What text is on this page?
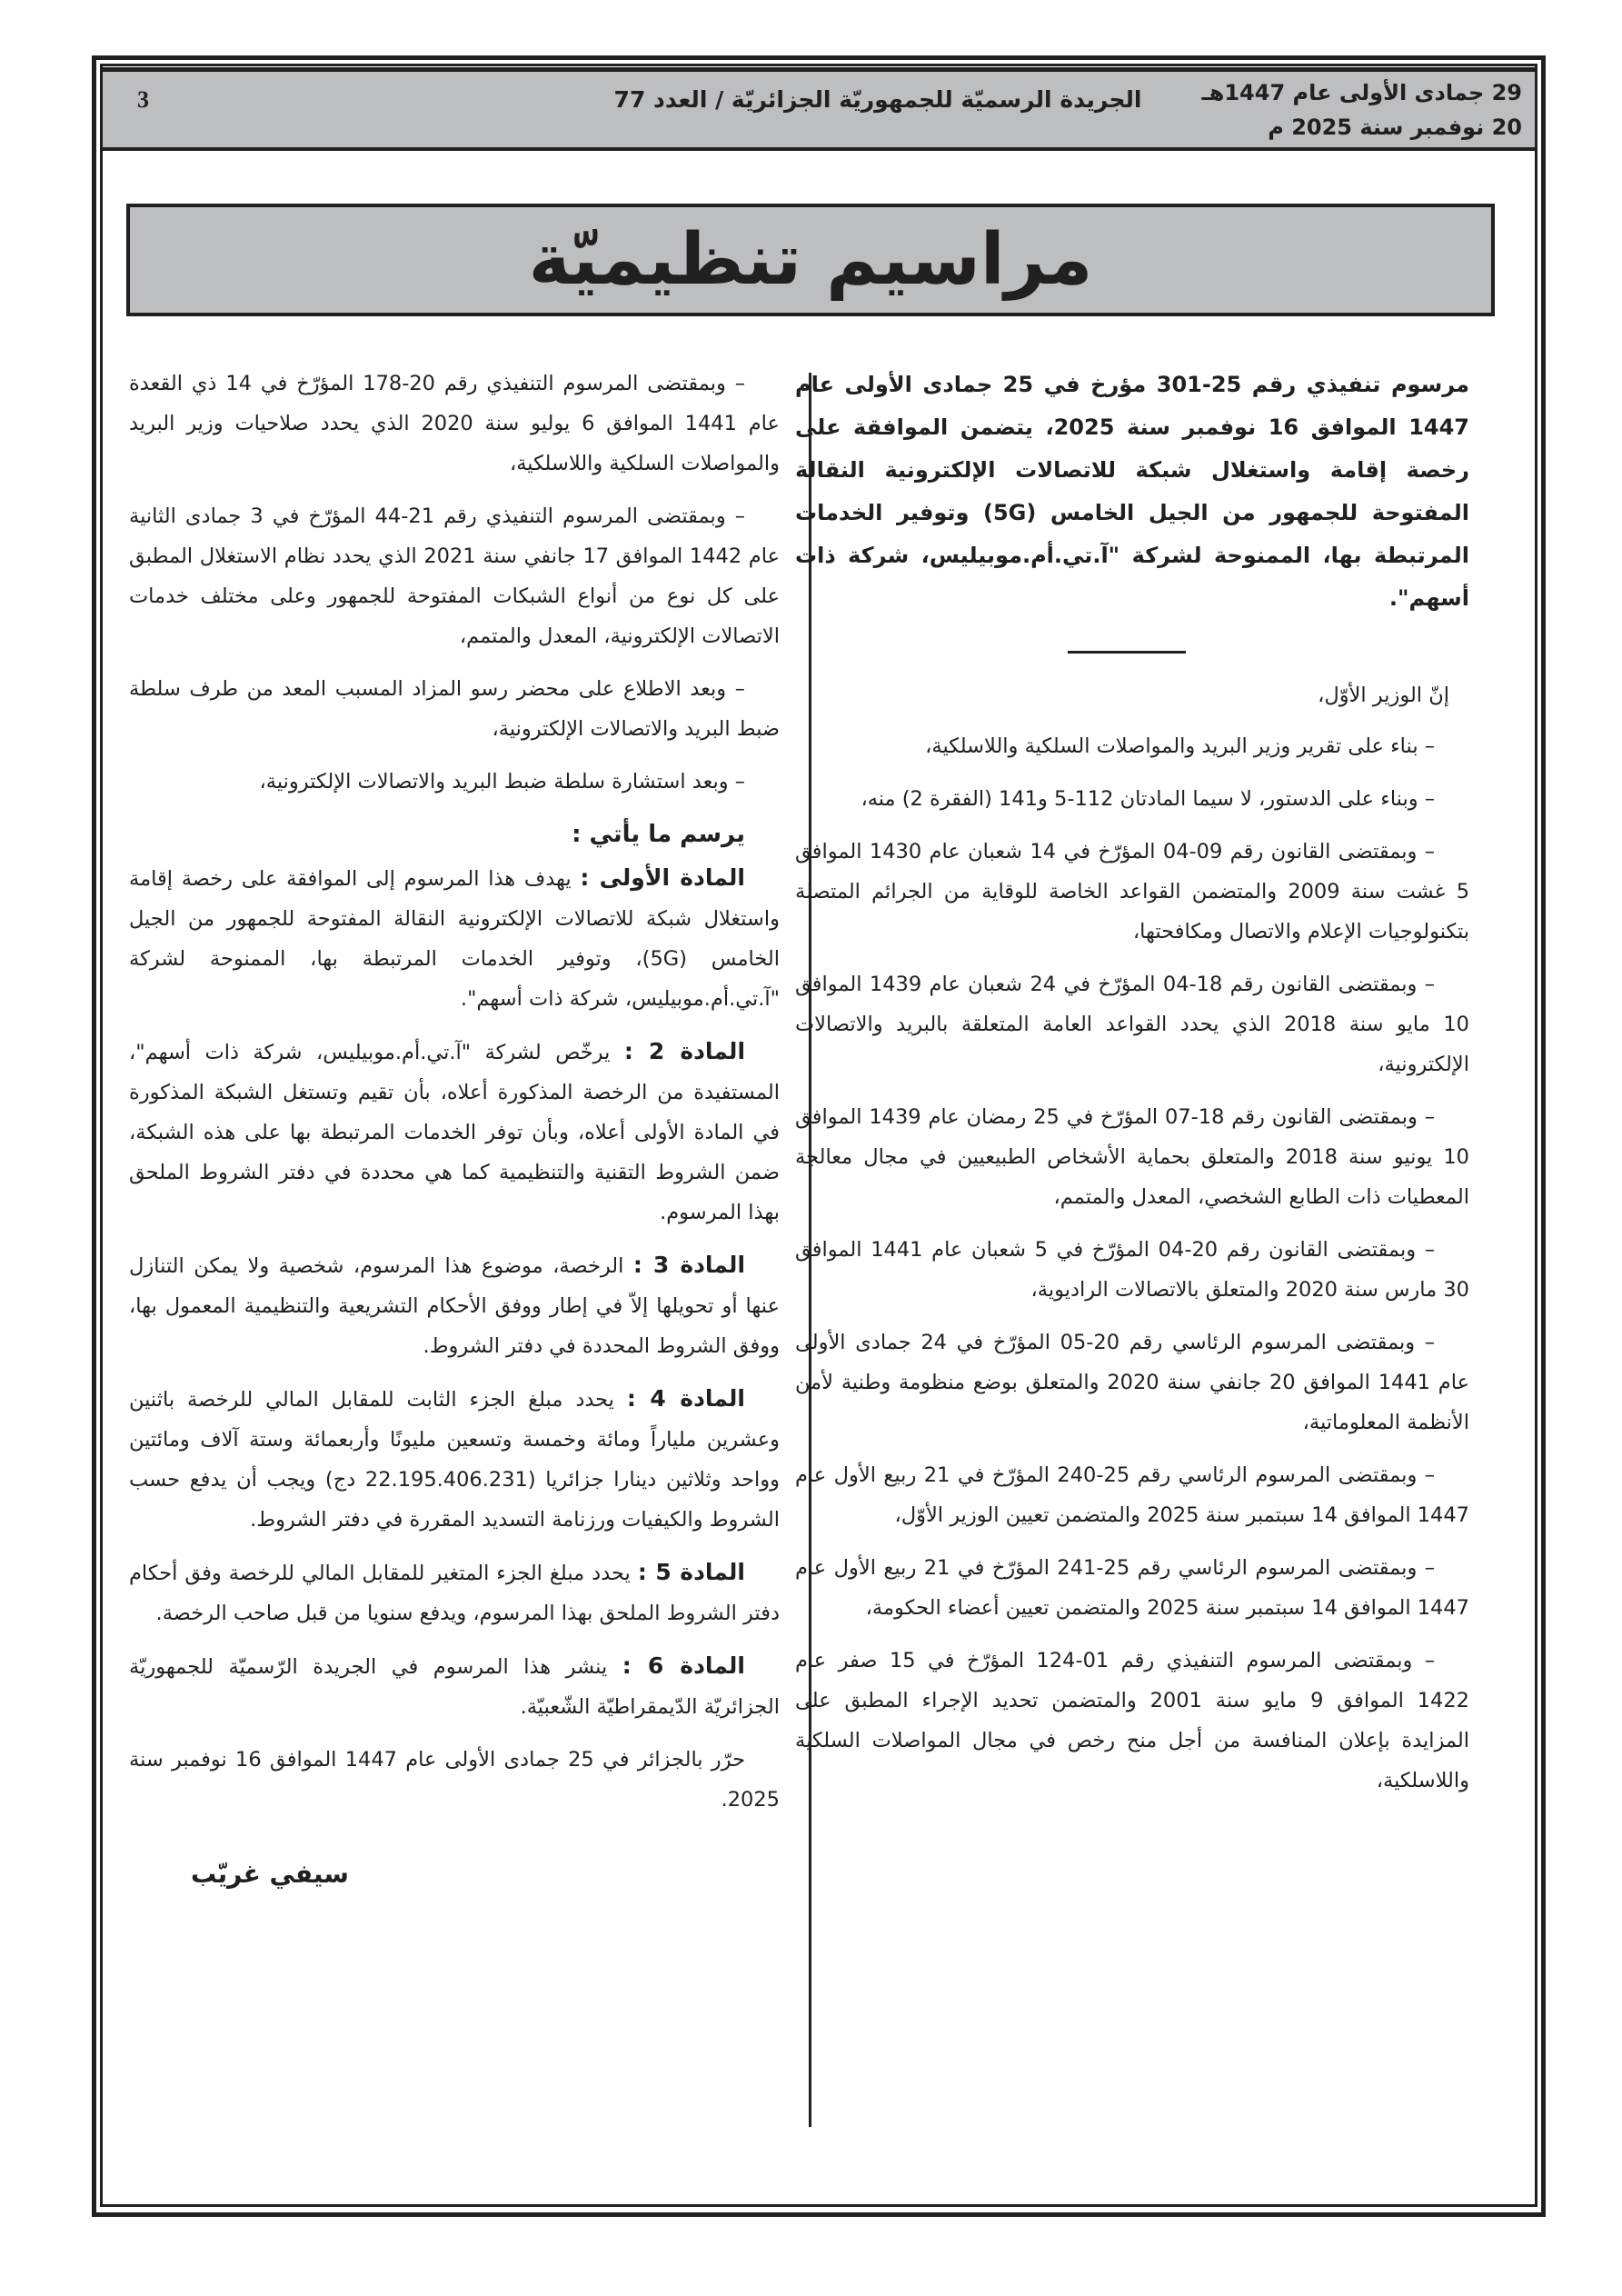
29 جمادى الأولى عام 1447هـ
20 نوفمبر سنة 2025 م
الجريدة الرسميّة للجمهوريّة الجزائريّة / العدد 77
3
مراسيم تنظيميّة

مرسوم تنفيذي رقم 25-301 مؤرخ في 25 جمادى الأولى عام 1447 الموافق 16 نوفمبر سنة 2025، يتضمن الموافقة على رخصة إقامة واستغلال شبكة للاتصالات الإلكترونية النقالة المفتوحة للجمهور من الجيل الخامس (5G) وتوفير الخدمات المرتبطة بها، الممنوحة لشركة "آ.تي.أم.موبيليس، شركة ذات أسهم".

إنّ الوزير الأوّل،

– بناء على تقرير وزير البريد والمواصلات السلكية واللاسلكية،

– وبناء على الدستور، لا سيما المادتان 112-5 و141 (الفقرة 2) منه،

– وبمقتضى القانون رقم 09-04 المؤرّخ في 14 شعبان عام 1430 الموافق 5 غشت سنة 2009 والمتضمن القواعد الخاصة للوقاية من الجرائم المتصلة بتكنولوجيات الإعلام والاتصال ومكافحتها،

– وبمقتضى القانون رقم 18-04 المؤرّخ في 24 شعبان عام 1439 الموافق 10 مايو سنة 2018 الذي يحدد القواعد العامة المتعلقة بالبريد والاتصالات الإلكترونية،

– وبمقتضى القانون رقم 18-07 المؤرّخ في 25 رمضان عام 1439 الموافق 10 يونيو سنة 2018 والمتعلق بحماية الأشخاص الطبيعيين في مجال معالجة المعطيات ذات الطابع الشخصي، المعدل والمتمم،

– وبمقتضى القانون رقم 20-04 المؤرّخ في 5 شعبان عام 1441 الموافق 30 مارس سنة 2020 والمتعلق بالاتصالات الراديوية،

– وبمقتضى المرسوم الرئاسي رقم 20-05 المؤرّخ في 24 جمادى الأولى عام 1441 الموافق 20 جانفي سنة 2020 والمتعلق بوضع منظومة وطنية لأمن الأنظمة المعلوماتية،

– وبمقتضى المرسوم الرئاسي رقم 25-240 المؤرّخ في 21 ربيع الأول عام 1447 الموافق 14 سبتمبر سنة 2025 والمتضمن تعيين الوزير الأوّل،

– وبمقتضى المرسوم الرئاسي رقم 25-241 المؤرّخ في 21 ربيع الأول عام 1447 الموافق 14 سبتمبر سنة 2025 والمتضمن تعيين أعضاء الحكومة،

– وبمقتضى المرسوم التنفيذي رقم 01-124 المؤرّخ في 15 صفر عام 1422 الموافق 9 مايو سنة 2001 والمتضمن تحديد الإجراء المطبق على المزايدة بإعلان المنافسة من أجل منح رخص في مجال المواصلات السلكية واللاسلكية،

– وبمقتضى المرسوم التنفيذي رقم 20-178 المؤرّخ في 14 ذي القعدة عام 1441 الموافق 6 يوليو سنة 2020 الذي يحدد صلاحيات وزير البريد والمواصلات السلكية واللاسلكية،

– وبمقتضى المرسوم التنفيذي رقم 21-44 المؤرّخ في 3 جمادى الثانية عام 1442 الموافق 17 جانفي سنة 2021 الذي يحدد نظام الاستغلال المطبق على كل نوع من أنواع الشبكات المفتوحة للجمهور وعلى مختلف خدمات الاتصالات الإلكترونية، المعدل والمتمم،

– وبعد الاطلاع على محضر رسو المزاد المسبب المعد من طرف سلطة ضبط البريد والاتصالات الإلكترونية،

– وبعد استشارة سلطة ضبط البريد والاتصالات الإلكترونية،

يرسم ما يأتي :

المادة الأولى : يهدف هذا المرسوم إلى الموافقة على رخصة إقامة واستغلال شبكة للاتصالات الإلكترونية النقالة المفتوحة للجمهور من الجيل الخامس (5G)، وتوفير الخدمات المرتبطة بها، الممنوحة لشركة "آ.تي.أم.موبيليس، شركة ذات أسهم".

المادة 2 : يرخّص لشركة "آ.تي.أم.موبيليس، شركة ذات أسهم"، المستفيدة من الرخصة المذكورة أعلاه، بأن تقيم وتستغل الشبكة المذكورة في المادة الأولى أعلاه، وبأن توفر الخدمات المرتبطة بها على هذه الشبكة، ضمن الشروط التقنية والتنظيمية كما هي محددة في دفتر الشروط الملحق بهذا المرسوم.

المادة 3 : الرخصة، موضوع هذا المرسوم، شخصية ولا يمكن التنازل عنها أو تحويلها إلاّ في إطار ووفق الأحكام التشريعية والتنظيمية المعمول بها، ووفق الشروط المحددة في دفتر الشروط.

المادة 4 : يحدد مبلغ الجزء الثابت للمقابل المالي للرخصة باثنين وعشرين ملياراً ومائة وخمسة وتسعين مليونًا وأربعمائة وستة آلاف ومائتين وواحد وثلاثين دينارا جزائريا (22.195.406.231 دج) ويجب أن يدفع حسب الشروط والكيفيات ورزنامة التسديد المقررة في دفتر الشروط.

المادة 5 : يحدد مبلغ الجزء المتغير للمقابل المالي للرخصة وفق أحكام دفتر الشروط الملحق بهذا المرسوم، ويدفع سنويا من قبل صاحب الرخصة.

المادة 6 : ينشر هذا المرسوم في الجريدة الرّسميّة للجمهوريّة الجزائريّة الدّيمقراطيّة الشّعبيّة.

حرّر بالجزائر في 25 جمادى الأولى عام 1447 الموافق 16 نوفمبر سنة 2025.

سيفي غريّب
